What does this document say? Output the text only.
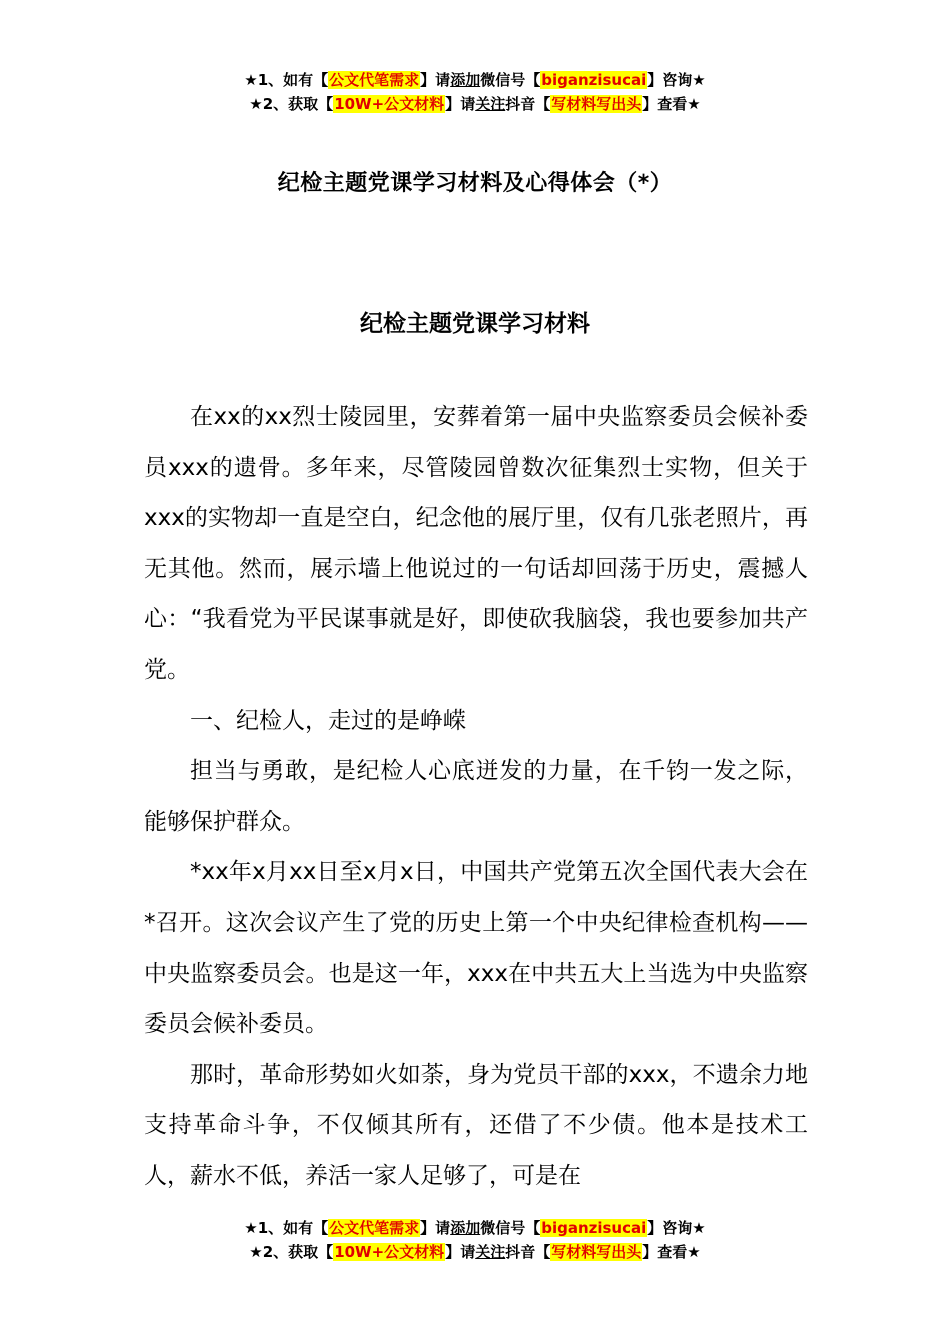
★1、如有【公文代笔需求】请添加微信号【biganzisucai】咨询★
★2、获取【10W+公文材料】请关注抖音【写材料写出头】查看★
纪检主题党课学习材料及心得体会（*）
纪检主题党课学习材料

在xx的xx烈士陵园里，安葬着第一届中央监察委员会候补委员xxx的遗骨。多年来，尽管陵园曾数次征集烈士实物，但关于xxx的实物却一直是空白，纪念他的展厅里，仅有几张老照片，再无其他。然而，展示墙上他说过的一句话却回荡于历史，震撼人心：“我看党为平民谋事就是好，即使砍我脑袋，我也要参加共产党。

一、纪检人，走过的是峥嵘

担当与勇敢，是纪检人心底迸发的力量，在千钧一发之际，能够保护群众。

*xx年x月xx日至x月x日，中国共产党第五次全国代表大会在*召开。这次会议产生了党的历史上第一个中央纪律检查机构——中央监察委员会。也是这一年，xxx在中共五大上当选为中央监察委员会候补委员。

那时，革命形势如火如荼，身为党员干部的xxx，不遗余力地支持革命斗争，不仅倾其所有，还借了不少债。他本是技术工人，薪水不低，养活一家人足够了，可是在

★1、如有【公文代笔需求】请添加微信号【biganzisucai】咨询★
★2、获取【10W+公文材料】请关注抖音【写材料写出头】查看★
